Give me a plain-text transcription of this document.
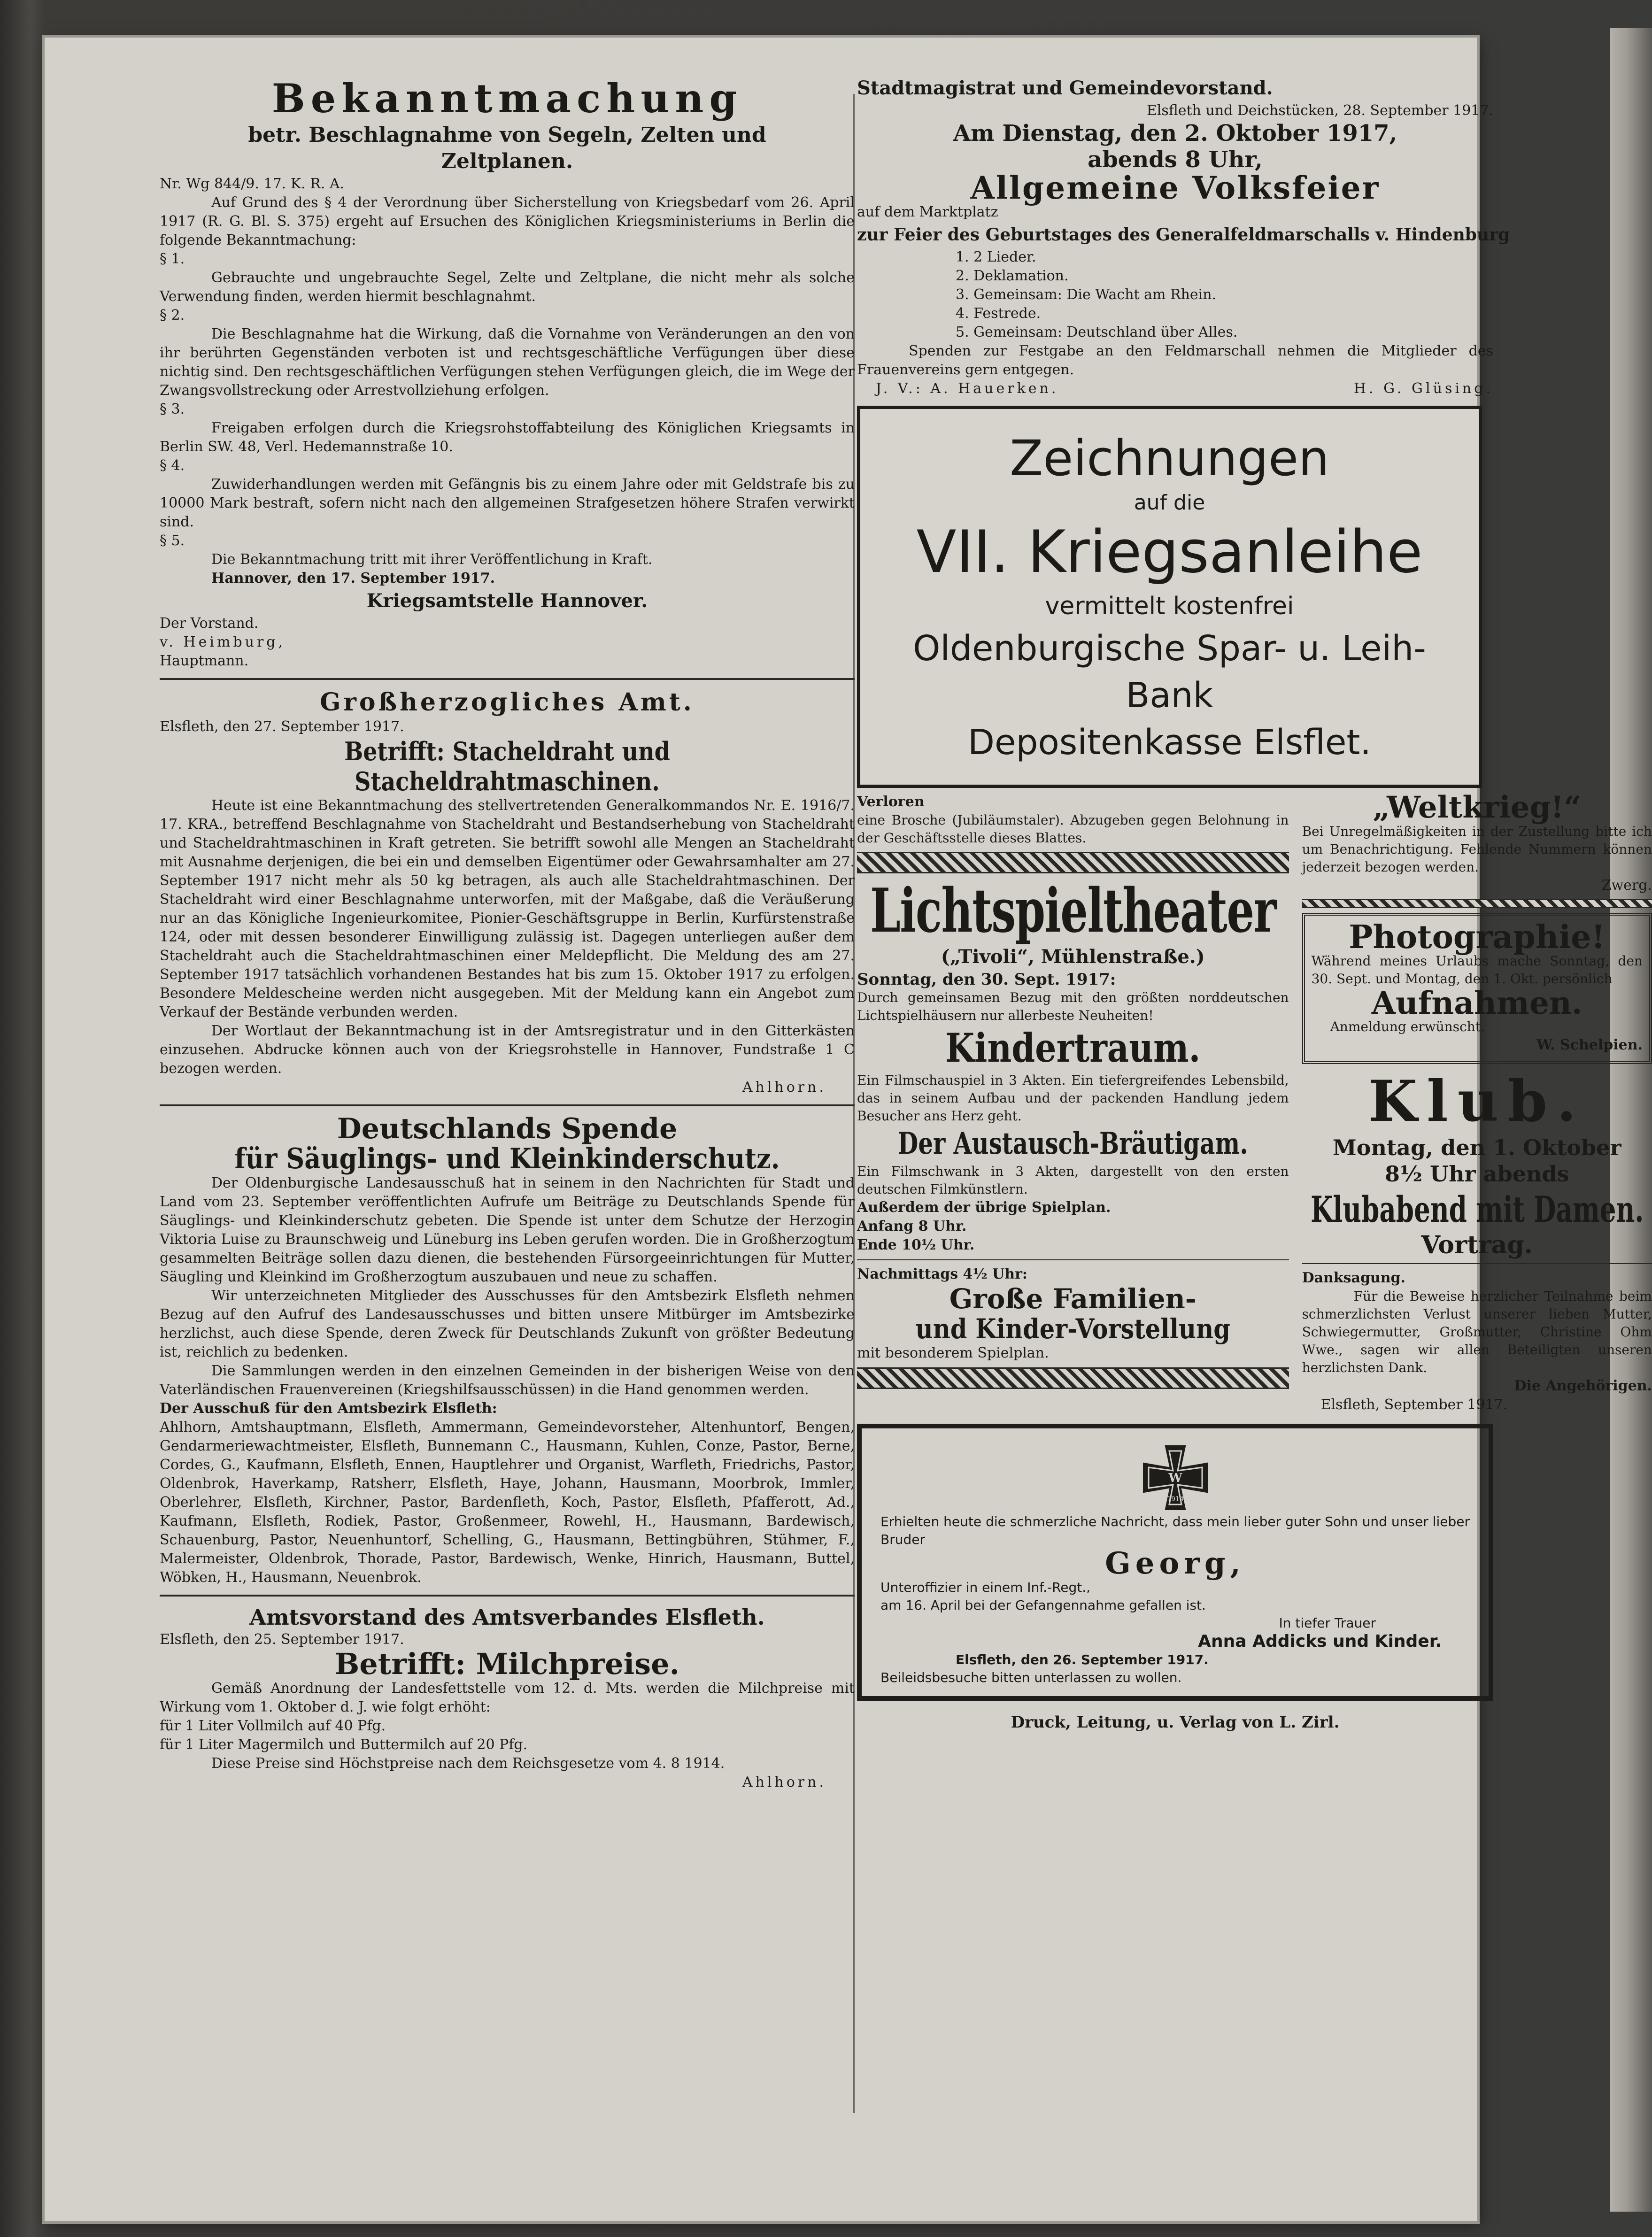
Bekanntmachung

betr. Beschlagnahme von Segeln, Zelten und

Zeltplanen.

Nr. Wg 844/9. 17. K. R. A.

Auf Grund des § 4 der Verordnung über Sicherstellung von Kriegsbedarf vom 26. April 1917 (R. G. Bl. S. 375) ergeht auf Ersuchen des Königlichen Kriegsministeriums in Berlin die folgende Bekanntmachung:

§ 1.

Gebrauchte und ungebrauchte Segel, Zelte und Zeltplane, die nicht mehr als solche Verwendung finden, werden hiermit beschlagnahmt.

§ 2.

Die Beschlagnahme hat die Wirkung, daß die Vornahme von Veränderungen an den von ihr berührten Gegenständen verboten ist und rechtsgeschäftliche Verfügungen über diese nichtig sind. Den rechtsgeschäftlichen Verfügungen stehen Verfügungen gleich, die im Wege der Zwangsvollstreckung oder Arrestvollziehung erfolgen.

§ 3.

Freigaben erfolgen durch die Kriegsrohstoffabteilung des Königlichen Kriegsamts in Berlin SW. 48, Verl. Hedemannstraße 10.

§ 4.

Zuwiderhandlungen werden mit Gefängnis bis zu einem Jahre oder mit Geldstrafe bis zu 10000 Mark bestraft, sofern nicht nach den allgemeinen Strafgesetzen höhere Strafen verwirkt sind.

§ 5.

Die Bekanntmachung tritt mit ihrer Veröffentlichung in Kraft.

Hannover, den 17. September 1917.

Kriegsamtstelle Hannover.

Der Vorstand.

v. Heimburg,

Hauptmann.

Großherzogliches Amt.

Elsfleth, den 27. September 1917.

Betrifft: Stacheldraht und Stacheldrahtmaschinen.

Heute ist eine Bekanntmachung des stellvertretenden Generalkommandos Nr. E. 1916/7. 17. KRA., betreffend Beschlagnahme von Stacheldraht und Bestandserhebung von Stacheldraht und Stacheldrahtmaschinen in Kraft getreten. Sie betrifft sowohl alle Mengen an Stacheldraht mit Ausnahme derjenigen, die bei ein und demselben Eigentümer oder Gewahrsamhalter am 27. September 1917 nicht mehr als 50 kg betragen, als auch alle Stacheldrahtmaschinen. Der Stacheldraht wird einer Beschlagnahme unterworfen, mit der Maßgabe, daß die Veräußerung nur an das Königliche Ingenieurkomitee, Pionier-Geschäftsgruppe in Berlin, Kurfürstenstraße 124, oder mit dessen besonderer Einwilligung zulässig ist. Dagegen unterliegen außer dem Stacheldraht auch die Stacheldrahtmaschinen einer Meldepflicht. Die Meldung des am 27. September 1917 tatsächlich vorhandenen Bestandes hat bis zum 15. Oktober 1917 zu erfolgen. Besondere Meldescheine werden nicht ausgegeben. Mit der Meldung kann ein Angebot zum Verkauf der Bestände verbunden werden.

Der Wortlaut der Bekanntmachung ist in der Amtsregistratur und in den Gitterkästen einzusehen. Abdrucke können auch von der Kriegsrohstelle in Hannover, Fundstraße 1 C bezogen werden.

Ahlhorn.

Deutschlands Spende

für Säuglings- und Kleinkinderschutz.

Der Oldenburgische Landesausschuß hat in seinem in den Nachrichten für Stadt und Land vom 23. September veröffentlichten Aufrufe um Beiträge zu Deutschlands Spende für Säuglings- und Kleinkinderschutz gebeten. Die Spende ist unter dem Schutze der Herzogin Viktoria Luise zu Braunschweig und Lüneburg ins Leben gerufen worden. Die in Großherzogtum gesammelten Beiträge sollen dazu dienen, die bestehenden Fürsorgeeinrichtungen für Mutter, Säugling und Kleinkind im Großherzogtum auszubauen und neue zu schaffen.

Wir unterzeichneten Mitglieder des Ausschusses für den Amtsbezirk Elsfleth nehmen Bezug auf den Aufruf des Landesausschusses und bitten unsere Mitbürger im Amtsbezirke herzlichst, auch diese Spende, deren Zweck für Deutschlands Zukunft von größter Bedeutung ist, reichlich zu bedenken.

Die Sammlungen werden in den einzelnen Gemeinden in der bisherigen Weise von den Vaterländischen Frauenvereinen (Kriegshilfsausschüssen) in die Hand genommen werden.

Der Ausschuß für den Amtsbezirk Elsfleth:

Ahlhorn, Amtshauptmann, Elsfleth, Ammermann, Gemeindevorsteher, Altenhuntorf, Bengen, Gendarmeriewachtmeister, Elsfleth, Bunnemann C., Hausmann, Kuhlen, Conze, Pastor, Berne, Cordes, G., Kaufmann, Elsfleth, Ennen, Hauptlehrer und Organist, Warfleth, Friedrichs, Pastor, Oldenbrok, Haverkamp, Ratsherr, Elsfleth, Haye, Johann, Hausmann, Moorbrok, Immler, Oberlehrer, Elsfleth, Kirchner, Pastor, Bardenfleth, Koch, Pastor, Elsfleth, Pfafferott, Ad., Kaufmann, Elsfleth, Rodiek, Pastor, Großenmeer, Rowehl, H., Hausmann, Bardewisch, Schauenburg, Pastor, Neuenhuntorf, Schelling, G., Hausmann, Bettingbühren, Stühmer, F., Malermeister, Oldenbrok, Thorade, Pastor, Bardewisch, Wenke, Hinrich, Hausmann, Buttel, Wöbken, H., Hausmann, Neuenbrok.

Amtsvorstand des Amtsverbandes Elsfleth.

Elsfleth, den 25. September 1917.

Betrifft: Milchpreise.

Gemäß Anordnung der Landesfettstelle vom 12. d. Mts. werden die Milchpreise mit Wirkung vom 1. Oktober d. J. wie folgt erhöht:

für 1 Liter Vollmilch auf 40 Pfg.

für 1 Liter Magermilch und Buttermilch auf 20 Pfg.

Diese Preise sind Höchstpreise nach dem Reichsgesetze vom 4. 8 1914.

Ahlhorn.

Stadtmagistrat und Gemeindevorstand.

Elsfleth und Deichstücken, 28. September 1917.

Am Dienstag, den 2. Oktober 1917,

abends 8 Uhr,

Allgemeine Volksfeier

auf dem Marktplatz

zur Feier des Geburtstages des Generalfeldmarschalls v. Hindenburg

1. 2 Lieder.

2. Deklamation.

3. Gemeinsam: Die Wacht am Rhein.

4. Festrede.

5. Gemeinsam: Deutschland über Alles.

Spenden zur Festgabe an den Feldmarschall nehmen die Mitglieder des Frauenvereins gern entgegen.

J. V.: A. Hauerken.	H. G. Glüsing.
Zeichnungen
auf die
VII. Kriegsanleihe
vermittelt kostenfrei
Oldenburgische Spar- u. Leih-Bank
Depositenkasse Elsflet.

Verloren

eine Brosche (Jubiläumstaler). Abzugeben gegen Belohnung in der Geschäftsstelle dieses Blattes.

Lichtspieltheater

(„Tivoli“, Mühlenstraße.)

Sonntag, den 30. Sept. 1917:

Durch gemeinsamen Bezug mit den größten norddeutschen Lichtspielhäusern nur allerbeste Neuheiten!

Kindertraum.

Ein Filmschauspiel in 3 Akten. Ein tiefergreifendes Lebensbild, das in seinem Aufbau und der packenden Handlung jedem Besucher ans Herz geht.

Der Austausch-Bräutigam.

Ein Filmschwank in 3 Akten, dargestellt von den ersten deutschen Filmkünstlern.

Außerdem der übrige Spielplan.

Anfang 8 Uhr.

Ende 10½ Uhr.

Nachmittags 4½ Uhr:

Große Familien-

und Kinder-Vorstellung

mit besonderem Spielplan.

„Weltkrieg!“

Bei Unregelmäßigkeiten in der Zustellung bitte ich um Benachrichtigung. Fehlende Nummern können jederzeit bezogen werden.

Zwerg.

Photographie!

Während meines Urlaubs mache Sonntag, den 30. Sept. und Montag, den 1. Okt. persönlich

Aufnahmen.

Anmeldung erwünscht.

W. Schelpien.

Klub.

Montag, den 1. Oktober

8½ Uhr abends

Klubabend mit Damen.

Vortrag.

Danksagung.

Für die Beweise herzlicher Teilnahme beim schmerzlichsten Verlust unserer lieben Mutter, Schwiegermutter, Großmutter, Christine Ohm Wwe., sagen wir allen Beteiligten unseren herzlichsten Dank.

Die Angehörigen.

Elsfleth, September 1917.

W
1914

Erhielten heute die schmerzliche Nachricht, dass mein lieber guter Sohn und unser lieber Bruder

Georg,

Unteroffizier in einem Inf.-Regt.,

am 16. April bei der Gefangennahme gefallen ist.

In tiefer Trauer

Anna Addicks und Kinder.

Elsfleth, den 26. September 1917.

Beileidsbesuche bitten unterlassen zu wollen.

Druck, Leitung, u. Verlag von L. Zirl.
